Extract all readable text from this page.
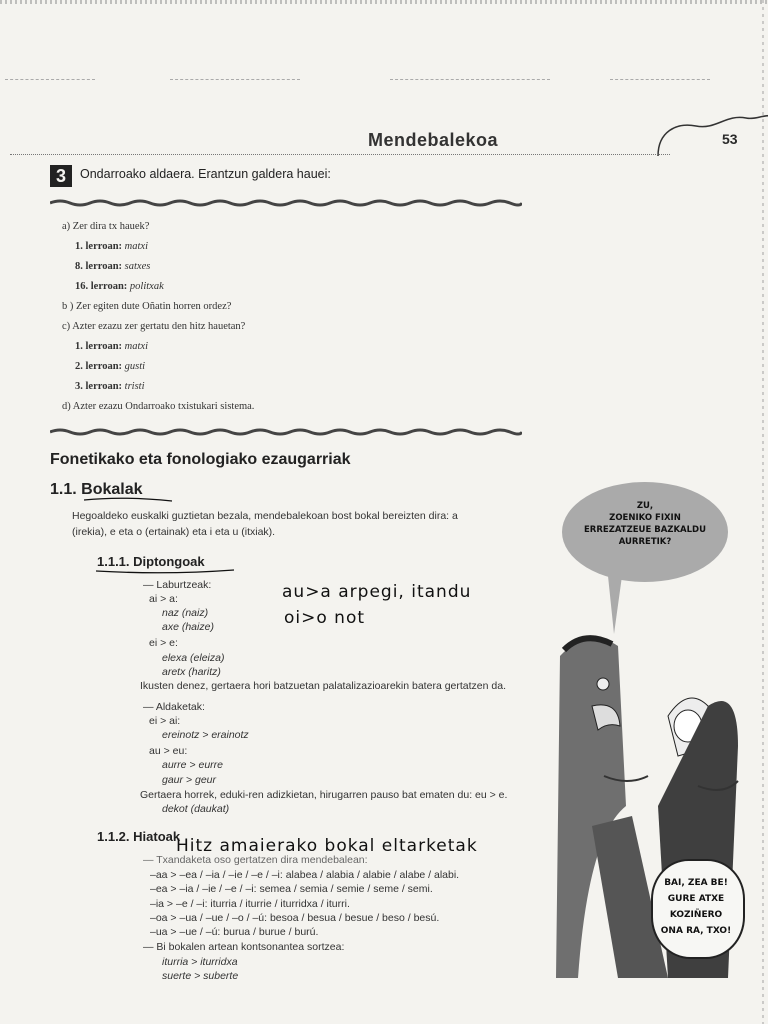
Mendebalekoa	53
3	Ondarroako aldaera. Erantzun galdera hauei:
a) Zer dira tx hauek?
1. lerroan: matxi
8. lerroan: satxes
16. lerroan: politxak
b ) Zer egiten dute Oñatin horren ordez?
c) Azter ezazu zer gertatu den hitz hauetan?
1. lerroan: matxi
2. lerroan: gusti
3. lerroan: tristi
d) Azter ezazu Ondarroako txistukari sistema.
Fonetikako eta fonologiako ezaugarriak
1.1. Bokalak
Hegoaldeko euskalki guztietan bezala, mendebalekoan bost bokal bereizten dira: a
(irekia), e eta o (ertainak) eta i eta u (itxiak).
1.1.1. Diptongoak
— Laburtzeak:
ai > a:
naz (naiz)
axe (haize)
ei > e:
elexa (eleiza)
aretx (haritz)
Ikusten denez, gertaera hori batzuetan palatalizazioarekin batera gertatzen da.
— Aldaketak:
ei > ai:
ereinotz > erainotz
au > eu:
aurre > eurre
gaur > geur
Gertaera horrek, eduki-ren adizkietan, hirugarren pauso bat ematen du: eu > e.
dekot (daukat)
1.1.2. Hiatoak
— Txandaketa oso gertatzen dira mendebalean:
–aa > –ea / –ia / –ie / –e / –i: alabea / alabia / alabie / alabe / alabi.
–ea > –ia / –ie / –e / –i: semea / semia / semie / seme / semi.
–ia > –e / –i: iturria / iturrie / iturridxa / iturri.
–oa > –ua / –ue / –o / –ú: besoa / besua / besue / beso / besú.
–ua > –ue / –ú: burua / burue / burú.
— Bi bokalen artean kontsonantea sortzea:
iturria > iturridxa
suerte > suberte
au>a arpegi, itandu
oi>o not
Hitz amaierako bokal eltarketak
ZU,
ZOENIKO FIXIN
ERREZATZEUE BAZKALDU
AURRETIK?
BAI, ZEA BE!
GURE ATXE
KOZIÑERO
ONA RA, TXO!
